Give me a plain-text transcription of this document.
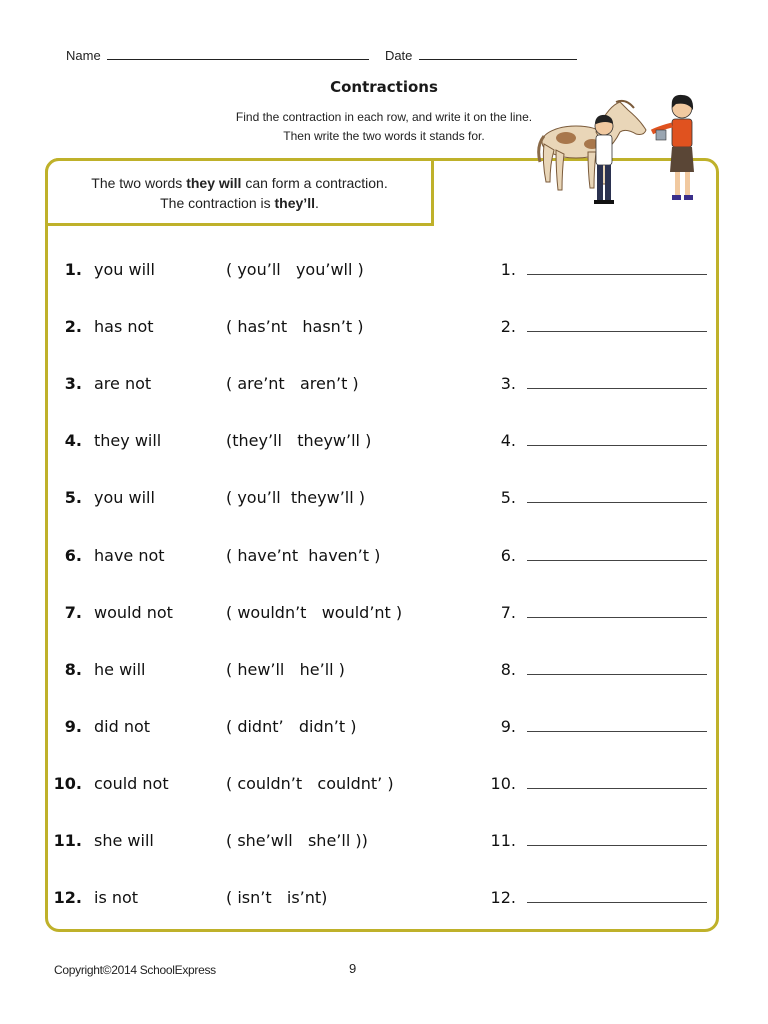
Name	Date
Contractions
Find the contraction in each row, and write it on the line.
Then write the two words it stands for.
The two words they will can form a contraction.
The contraction is they’ll.
1. you will	( you’ll   you’wll )	1.
2. has not	( has’nt   hasn’t )	2.
3. are not	( are’nt   aren’t )	3.
4. they will	(they’ll   theyw’ll )	4.
5. you will	( you’ll  theyw’ll )	5.
6. have not	( have’nt  haven’t )	6.
7. would not	( wouldn’t   would’nt )	7.
8. he will	( hew’ll   he’ll )	8.
9. did not	( didnt’   didn’t )	9.
10. could not	( couldn’t   couldnt’ )	10.
11. she will	( she’wll   she’ll ))	11.
12. is not	( isn’t   is’nt)	12.
Copyright©2014 SchoolExpress	9
